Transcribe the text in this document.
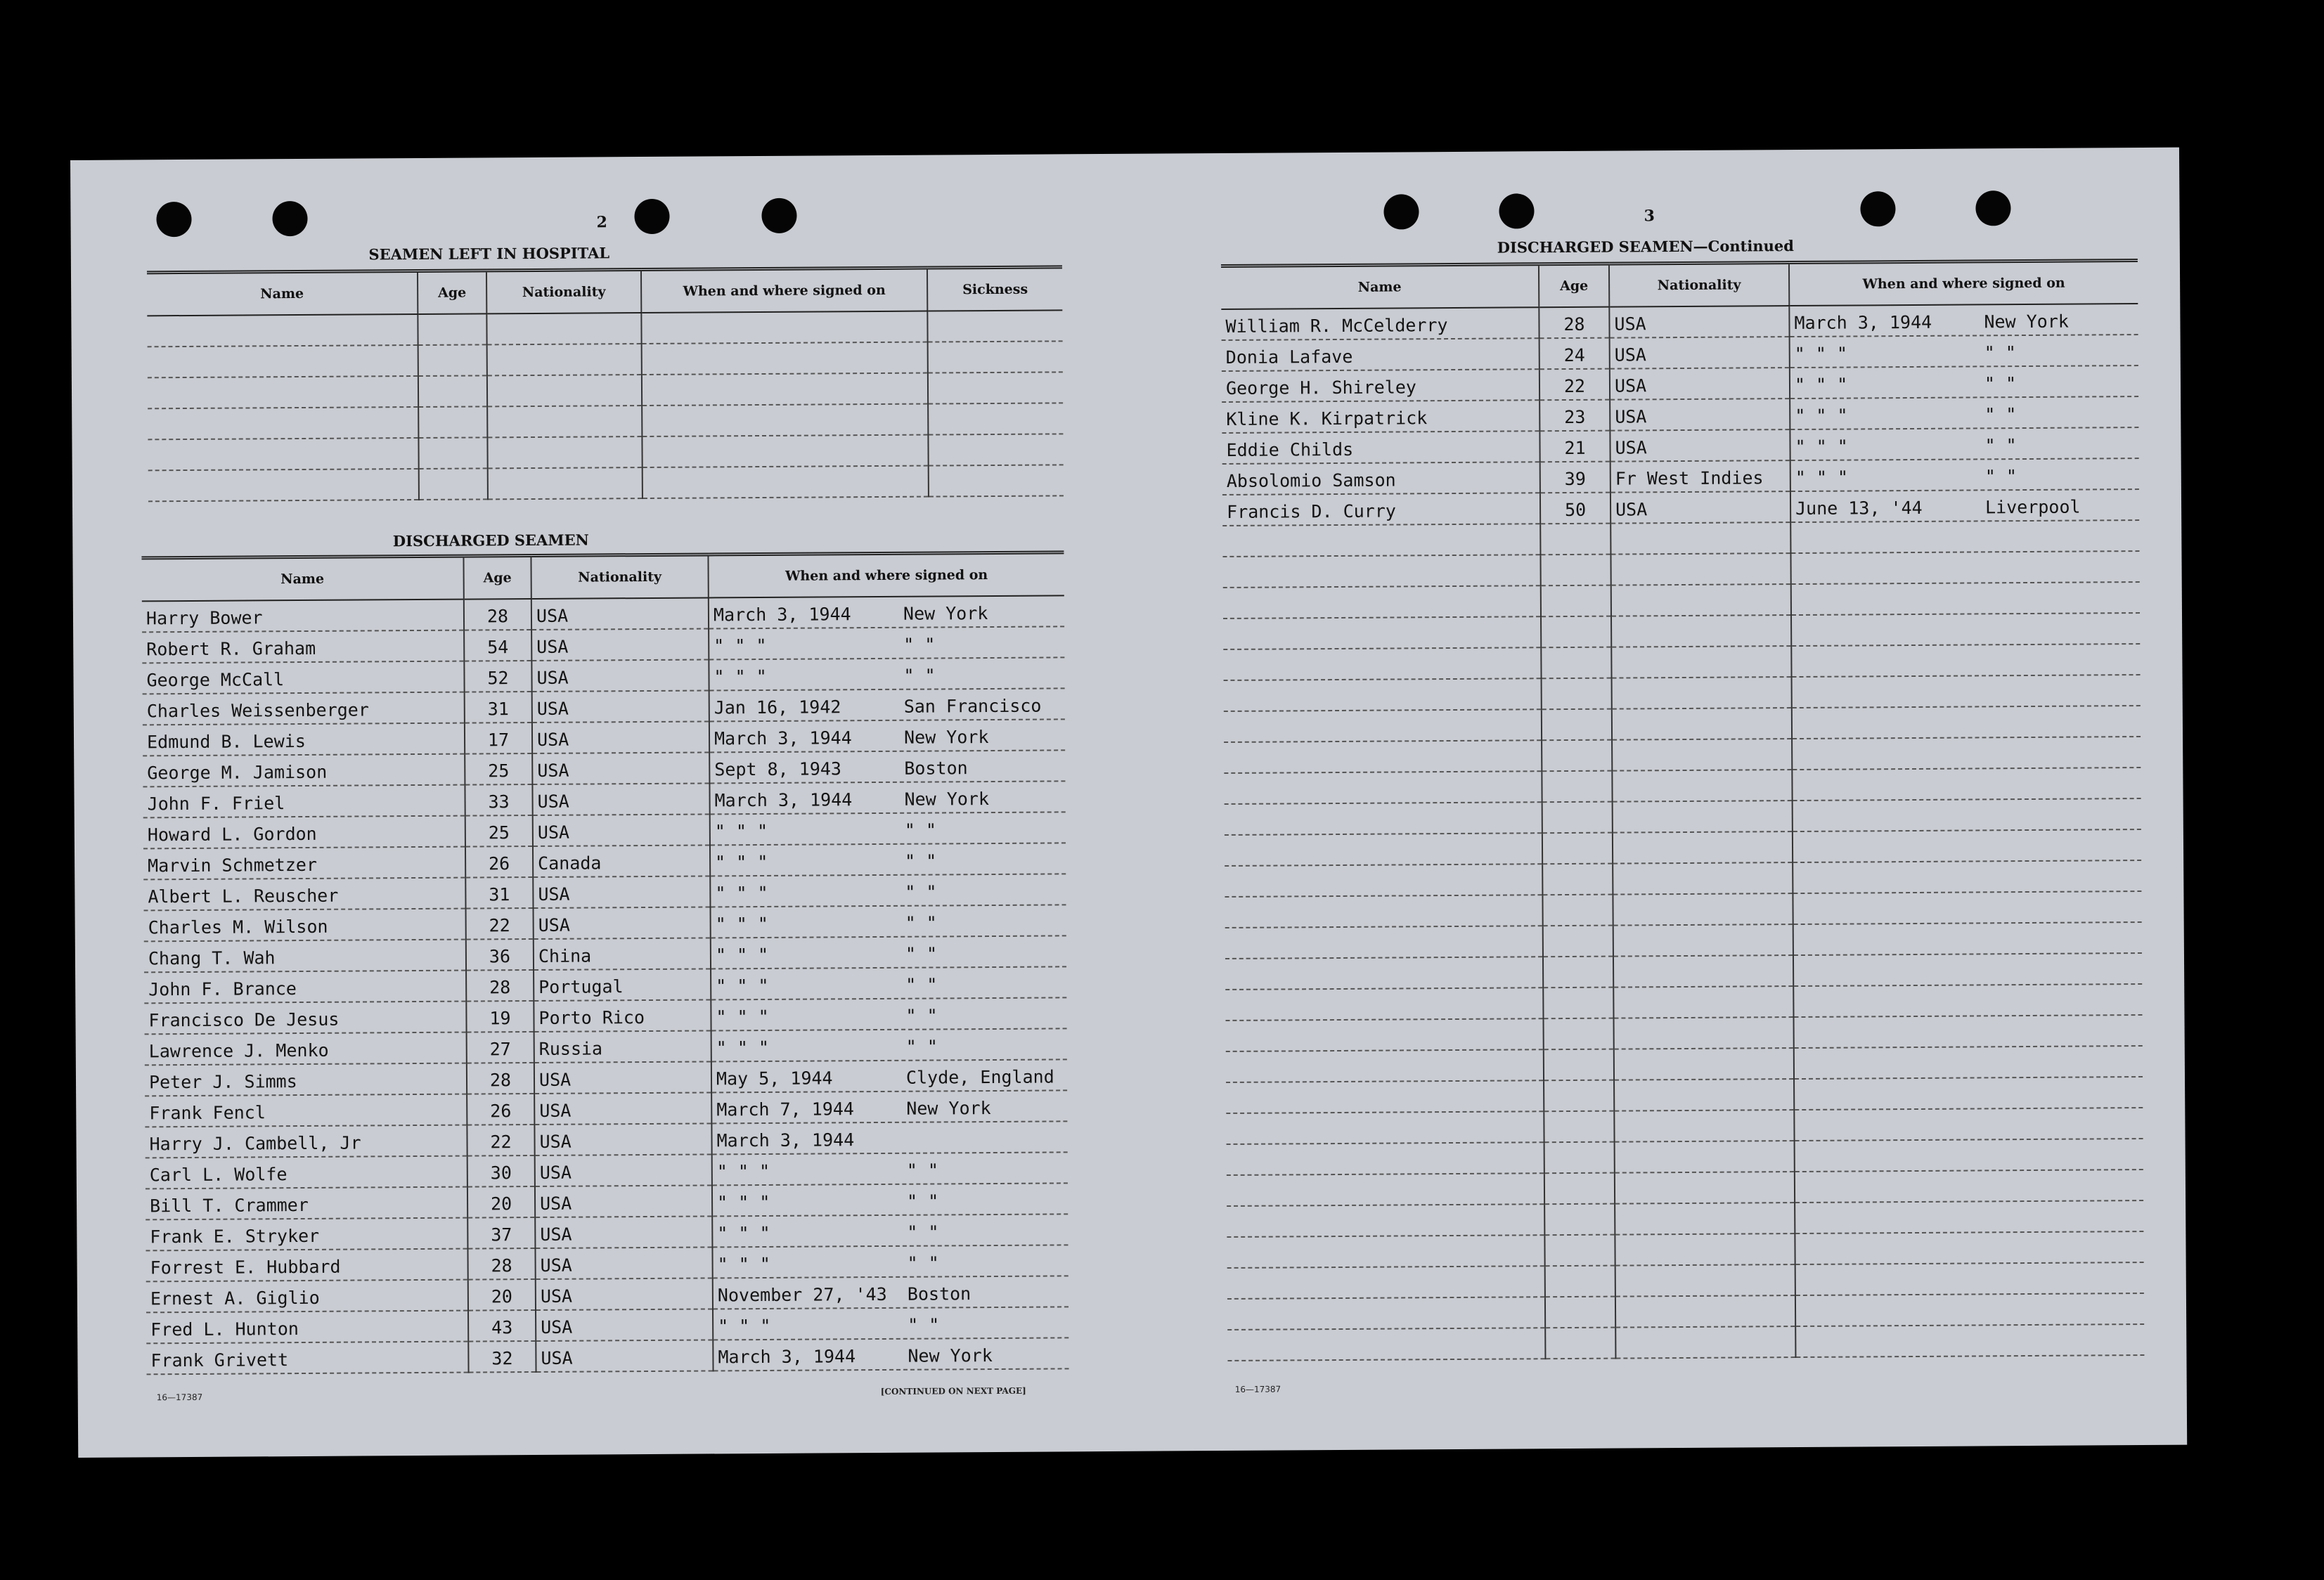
2
SEAMEN LEFT IN HOSPITAL
Name	Age	Nationality	When and where signed on	Sickness

DISCHARGED SEAMEN
Name	Age	Nationality	When and where signed on
Harry Bower	28	USA	March 3, 1944 New York
Robert R. Graham	54	USA	" " " " "
George McCall	52	USA	" " " " "
Charles Weissenberger	31	USA	Jan 16, 1942 San Francisco
Edmund B. Lewis	17	USA	March 3, 1944 New York
George M. Jamison	25	USA	Sept 8, 1943 Boston
John F. Friel	33	USA	March 3, 1944 New York
Howard L. Gordon	25	USA	" " " " "
Marvin Schmetzer	26	Canada	" " " " "
Albert L. Reuscher	31	USA	" " " " "
Charles M. Wilson	22	USA	" " " " "
Chang T. Wah	36	China	" " " " "
John F. Brance	28	Portugal	" " " " "
Francisco De Jesus	19	Porto Rico	" " " " "
Lawrence J. Menko	27	Russia	" " " " "
Peter J. Simms	28	USA	May 5, 1944 Clyde, England
Frank Fencl	26	USA	March 7, 1944 New York
Harry J. Cambell, Jr	22	USA	March 3, 1944
Carl L. Wolfe	30	USA	" " " " "
Bill T. Crammer	20	USA	" " " " "
Frank E. Stryker	37	USA	" " " " "
Forrest E. Hubbard	28	USA	" " " " "
Ernest A. Giglio	20	USA	November 27, '43 Boston
Fred L. Hunton	43	USA	" " " " "
Frank Grivett	32	USA	March 3, 1944 New York
16—17387
[CONTINUED ON NEXT PAGE]
3
DISCHARGED SEAMEN—Continued
Name	Age	Nationality	When and where signed on
William R. McCelderry	28	USA	March 3, 1944 New York
Donia Lafave	24	USA	" " " " "
George H. Shireley	22	USA	" " " " "
Kline K. Kirpatrick	23	USA	" " " " "
Eddie Childs	21	USA	" " " " "
Absolomio Samson	39	Fr West Indies	" " " " "
Francis D. Curry	50	USA	June 13, '44 Liverpool

16—17387
